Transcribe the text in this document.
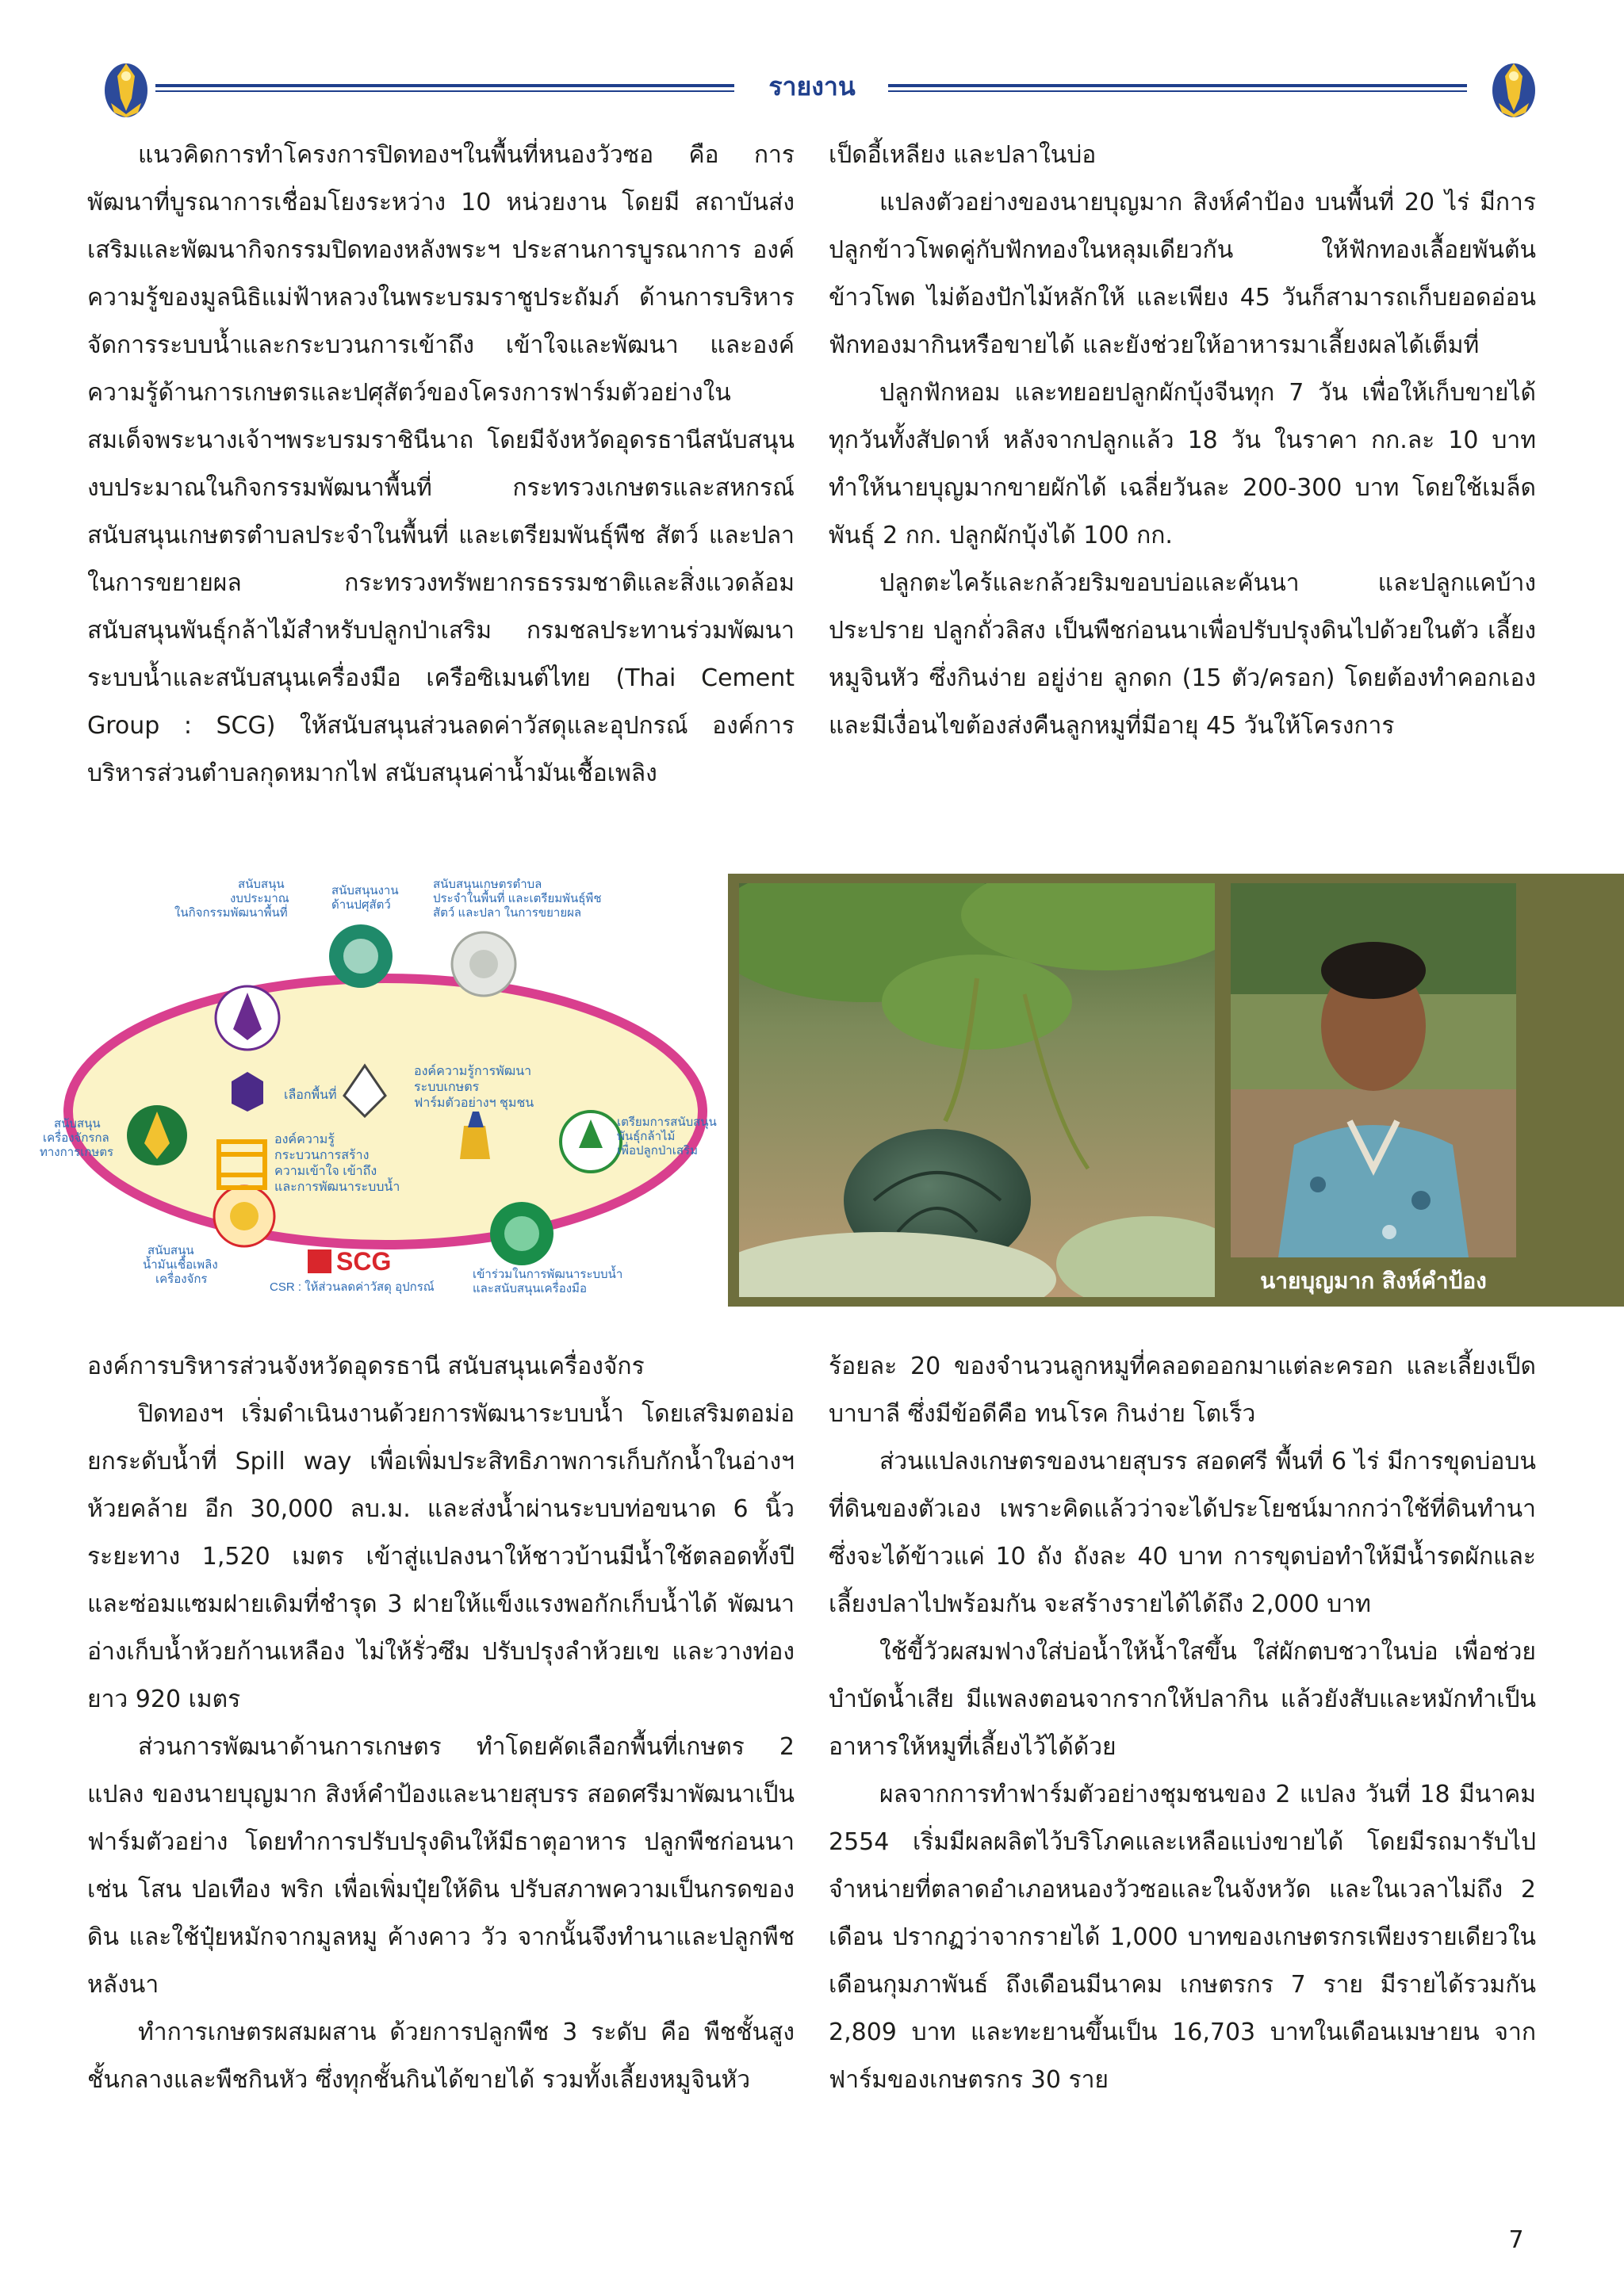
รายงาน

แนวคิดการทำโครงการปิดทองฯในพื้นที่หนองวัวซอ คือ การพัฒนาที่บูรณาการเชื่อมโยงระหว่าง 10 หน่วยงาน โดยมี สถาบันส่งเสริมและพัฒนากิจกรรมปิดทองหลังพระฯ ประสานการบูรณาการ องค์ความรู้ของมูลนิธิแม่ฟ้าหลวงในพระบรมราชูประถัมภ์ ด้านการบริหารจัดการระบบน้ำและกระบวนการเข้าถึง เข้าใจและพัฒนา และองค์ความรู้ด้านการเกษตรและปศุสัตว์ของโครงการฟาร์มตัวอย่างในสมเด็จพระนางเจ้าฯพระบรมราชินีนาถ โดยมีจังหวัดอุดรธานีสนับสนุนงบประมาณในกิจกรรมพัฒนาพื้นที่ กระทรวงเกษตรและสหกรณ์ สนับสนุนเกษตรตำบลประจำในพื้นที่ และเตรียมพันธุ์พืช สัตว์ และปลาในการขยายผล กระทรวงทรัพยากรธรรมชาติและสิ่งแวดล้อม สนับสนุนพันธุ์กล้าไม้สำหรับปลูกป่าเสริม กรมชลประทานร่วมพัฒนาระบบน้ำและสนับสนุนเครื่องมือ เครือซิเมนต์ไทย (Thai Cement Group : SCG) ให้สนับสนุนส่วนลดค่าวัสดุและอุปกรณ์ องค์การบริหารส่วนตำบลกุดหมากไฟ สนับสนุนค่าน้ำมันเชื้อเพลิง

เป็ดอี้เหลียง และปลาในบ่อ

แปลงตัวอย่างของนายบุญมาก สิงห์คำป้อง บนพื้นที่ 20 ไร่ มีการปลูกข้าวโพดคู่กับฟักทองในหลุมเดียวกัน ให้ฟักทองเลื้อยพันต้นข้าวโพด ไม่ต้องปักไม้หลักให้ และเพียง 45 วันก็สามารถเก็บยอดอ่อนฟักทองมากินหรือขายได้ และยังช่วยให้อาหารมาเลี้ยงผลได้เต็มที่

ปลูกฟักหอม และทยอยปลูกผักบุ้งจีนทุก 7 วัน เพื่อให้เก็บขายได้ทุกวันทั้งสัปดาห์ หลังจากปลูกแล้ว 18 วัน ในราคา กก.ละ 10 บาท ทำให้นายบุญมากขายผักได้ เฉลี่ยวันละ 200-300 บาท โดยใช้เมล็ดพันธุ์ 2 กก. ปลูกผักบุ้งได้ 100 กก.

ปลูกตะไคร้และกล้วยริมขอบบ่อและคันนา และปลูกแคบ้างประปราย ปลูกถั่วลิสง เป็นพืชก่อนนาเพื่อปรับปรุงดินไปด้วยในตัว เลี้ยงหมูจินหัว ซึ่งกินง่าย อยู่ง่าย ลูกดก (15 ตัว/ครอก) โดยต้องทำคอกเอง และมีเงื่อนไขต้องส่งคืนลูกหมูที่มีอายุ 45 วันให้โครงการ

SCG
สนับสนุนงบประมาณในกิจกรรมพัฒนาพื้นที่
สนับสนุนงานด้านปศุสัตว์
สนับสนุนเกษตรตำบลประจำในพื้นที่ และเตรียมพันธุ์พืชสัตว์ และปลา ในการขยายผล
สนับสนุนเครื่องจักรกลทางการเกษตร
เตรียมการสนับสนุนพันธุ์กล้าไม้เพื่อปลูกป่าเสริม
สนับสนุนน้ำมันเชื้อเพลิงเครื่องจักร
CSR : ให้ส่วนลดค่าวัสดุ อุปกรณ์
เข้าร่วมในการพัฒนาระบบน้ำและสนับสนุนเครื่องมือ
เลือกพื้นที่
องค์ความรู้การพัฒนาระบบเกษตรฟาร์มตัวอย่างฯ ชุมชน
องค์ความรู้กระบวนการสร้างความเข้าใจ เข้าถึงและการพัฒนาระบบน้ำ
นายบุญมาก สิงห์คำป้อง

องค์การบริหารส่วนจังหวัดอุดรธานี สนับสนุนเครื่องจักร

ปิดทองฯ เริ่มดำเนินงานด้วยการพัฒนาระบบน้ำ โดยเสริมตอม่อ ยกระดับน้ำที่ Spill way เพื่อเพิ่มประสิทธิภาพการเก็บกักน้ำในอ่างฯ ห้วยคล้าย อีก 30,000 ลบ.ม. และส่งน้ำผ่านระบบท่อขนาด 6 นิ้ว ระยะทาง 1,520 เมตร เข้าสู่แปลงนาให้ชาวบ้านมีน้ำใช้ตลอดทั้งปี และซ่อมแซมฝายเดิมที่ชำรุด 3 ฝายให้แข็งแรงพอกักเก็บน้ำได้ พัฒนาอ่างเก็บน้ำห้วยก้านเหลือง ไม่ให้รั่วซึม ปรับปรุงลำห้วยเข และวางท่อง ยาว 920 เมตร

ส่วนการพัฒนาด้านการเกษตร ทำโดยคัดเลือกพื้นที่เกษตร 2 แปลง ของนายบุญมาก สิงห์คำป้องและนายสุบรร สอดศรีมาพัฒนาเป็นฟาร์มตัวอย่าง โดยทำการปรับปรุงดินให้มีธาตุอาหาร ปลูกพืชก่อนนา เช่น โสน ปอเทือง พริก เพื่อเพิ่มปุ๋ยให้ดิน ปรับสภาพความเป็นกรดของดิน และใช้ปุ๋ยหมักจากมูลหมู ค้างคาว วัว จากนั้นจึงทำนาและปลูกพืชหลังนา

ทำการเกษตรผสมผสาน ด้วยการปลูกพืช 3 ระดับ คือ พืชชั้นสูง ชั้นกลางและพืชกินหัว ซึ่งทุกชั้นกินได้ขายได้ รวมทั้งเลี้ยงหมูจินหัว

ร้อยละ 20 ของจำนวนลูกหมูที่คลอดออกมาแต่ละครอก และเลี้ยงเป็ดบาบาลี ซึ่งมีข้อดีคือ ทนโรค กินง่าย โตเร็ว

ส่วนแปลงเกษตรของนายสุบรร สอดศรี พื้นที่ 6 ไร่ มีการขุดบ่อบนที่ดินของตัวเอง เพราะคิดแล้วว่าจะได้ประโยชน์มากกว่าใช้ที่ดินทำนา ซึ่งจะได้ข้าวแค่ 10 ถัง ถังละ 40 บาท การขุดบ่อทำให้มีน้ำรดผักและเลี้ยงปลาไปพร้อมกัน จะสร้างรายได้ได้ถึง 2,000 บาท

ใช้ขี้วัวผสมฟางใส่บ่อน้ำให้น้ำใสขึ้น ใส่ผักตบชวาในบ่อ เพื่อช่วยบำบัดน้ำเสีย มีแพลงตอนจากรากให้ปลากิน แล้วยังสับและหมักทำเป็นอาหารให้หมูที่เลี้ยงไว้ได้ด้วย

ผลจากการทำฟาร์มตัวอย่างชุมชนของ 2 แปลง วันที่ 18 มีนาคม 2554 เริ่มมีผลผลิตไว้บริโภคและเหลือแบ่งขายได้ โดยมีรถมารับไปจำหน่ายที่ตลาดอำเภอหนองวัวซอและในจังหวัด และในเวลาไม่ถึง 2 เดือน ปรากฏว่าจากรายได้ 1,000 บาทของเกษตรกรเพียงรายเดียวในเดือนกุมภาพันธ์ ถึงเดือนมีนาคม เกษตรกร 7 ราย มีรายได้รวมกัน 2,809 บาท และทะยานขึ้นเป็น 16,703 บาทในเดือนเมษายน จากฟาร์มของเกษตรกร 30 ราย

7
